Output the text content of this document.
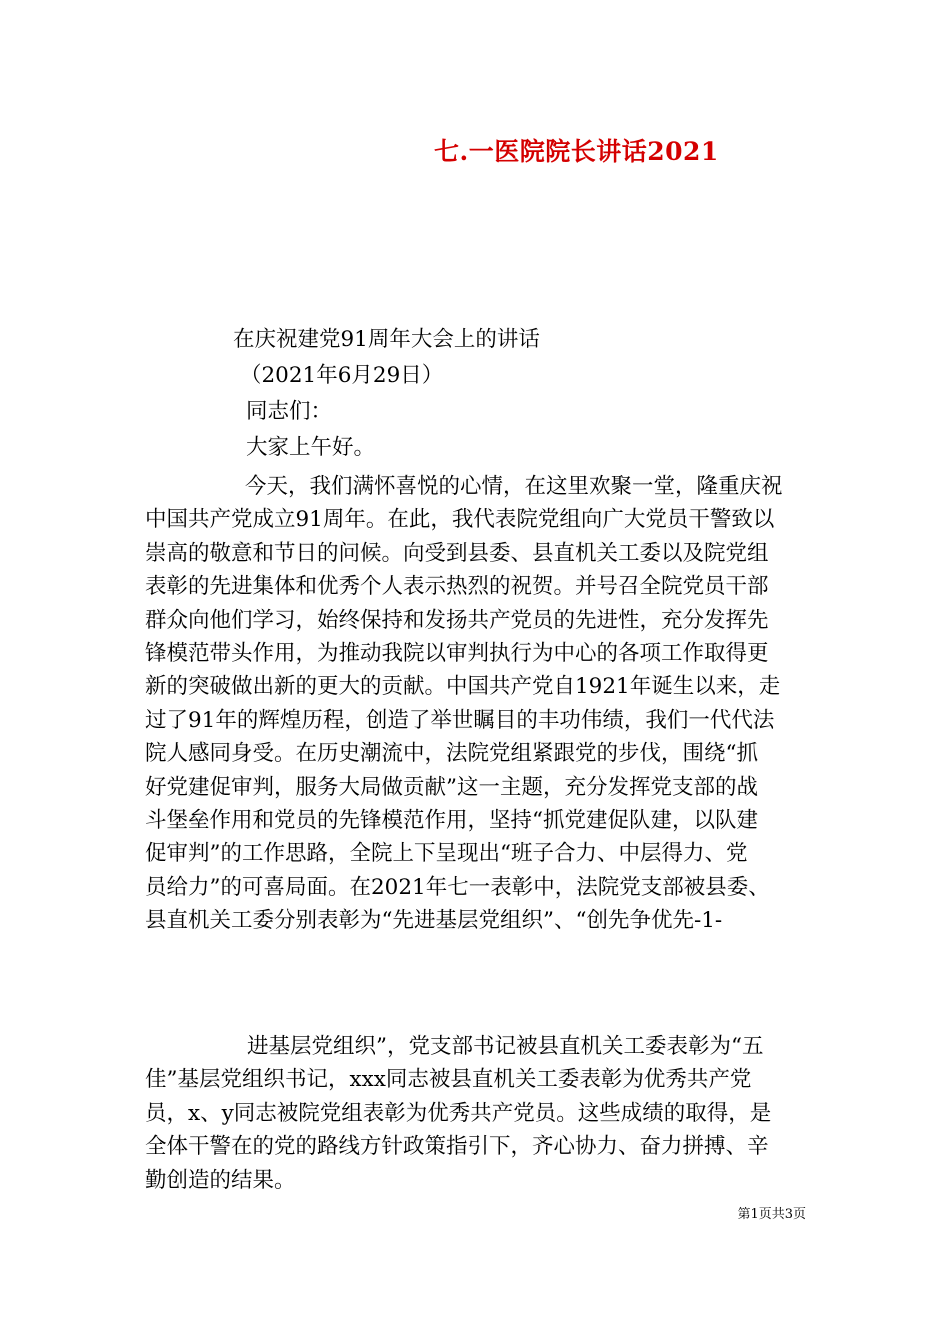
七.一医院院长讲话2021
在庆祝建党91周年大会上的讲话
（2021年6月29日）
同志们：
大家上午好。
今天，我们满怀喜悦的心情，在这里欢聚一堂，隆重庆祝
中国共产党成立91周年。在此，我代表院党组向广大党员干警致以
崇高的敬意和节日的问候。向受到县委、县直机关工委以及院党组
表彰的先进集体和优秀个人表示热烈的祝贺。并号召全院党员干部
群众向他们学习，始终保持和发扬共产党员的先进性，充分发挥先
锋模范带头作用，为推动我院以审判执行为中心的各项工作取得更
新的突破做出新的更大的贡献。中国共产党自1921年诞生以来，走
过了91年的辉煌历程，创造了举世瞩目的丰功伟绩，我们一代代法
院人感同身受。在历史潮流中，法院党组紧跟党的步伐，围绕“抓
好党建促审判，服务大局做贡献”这一主题，充分发挥党支部的战
斗堡垒作用和党员的先锋模范作用，坚持“抓党建促队建，以队建
促审判”的工作思路，全院上下呈现出“班子合力、中层得力、党
员给力”的可喜局面。在2021年七一表彰中，法院党支部被县委、
县直机关工委分别表彰为“先进基层党组织”、“创先争优先-1-
进基层党组织”，党支部书记被县直机关工委表彰为“五
佳”基层党组织书记，xxx同志被县直机关工委表彰为优秀共产党
员，x、y同志被院党组表彰为优秀共产党员。这些成绩的取得，是
全体干警在的党的路线方针政策指引下，齐心协力、奋力拼搏、辛
勤创造的结果。
第1页共3页
